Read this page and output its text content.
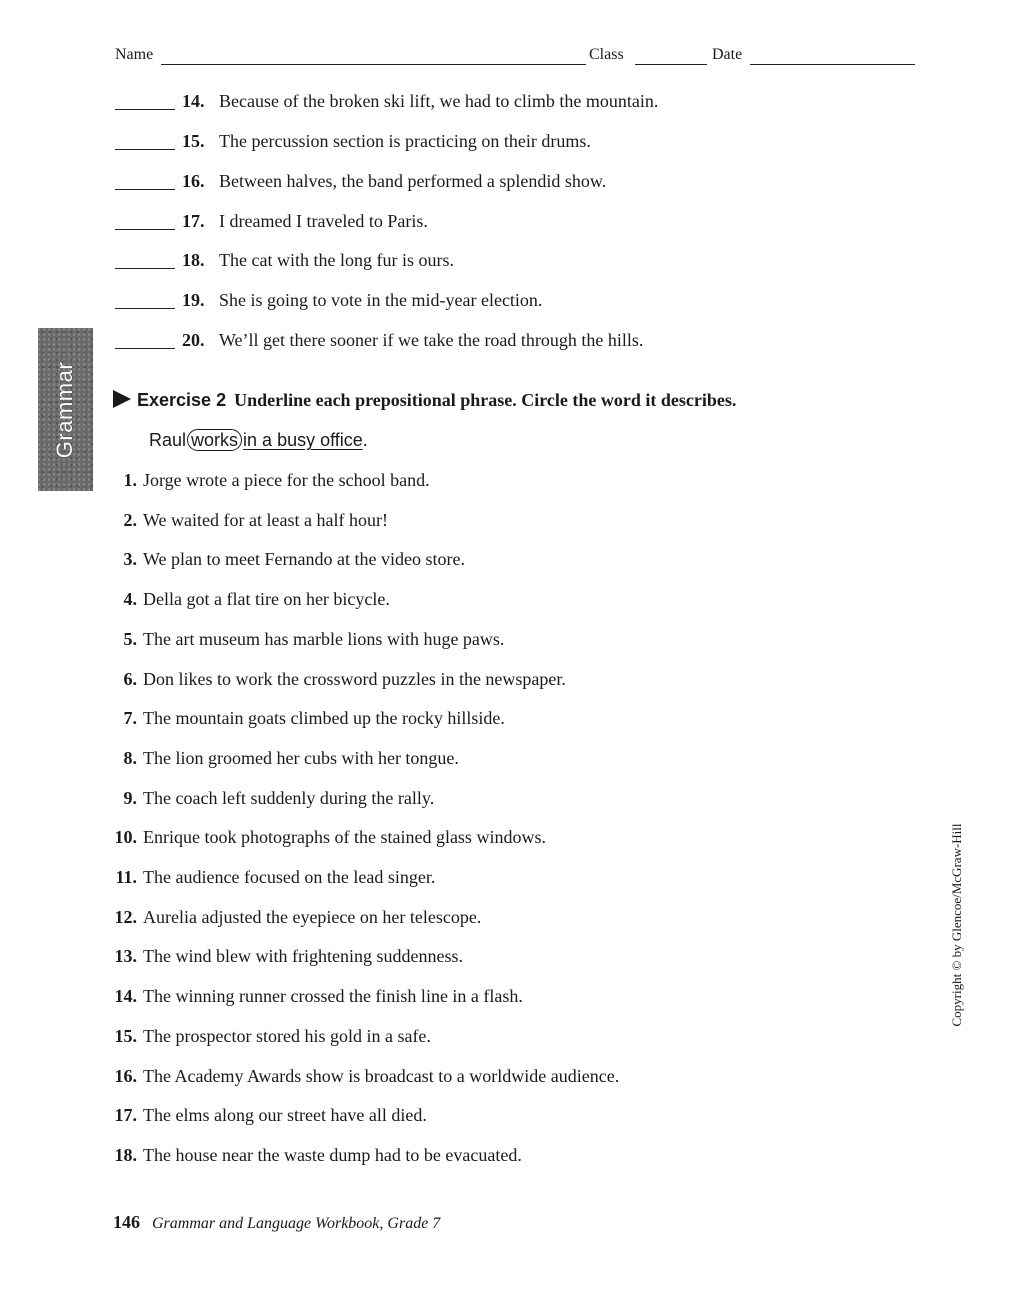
Name	Class	Date
14. Because of the broken ski lift, we had to climb the mountain.
15. The percussion section is practicing on their drums.
16. Between halves, the band performed a splendid show.
17. I dreamed I traveled to Paris.
18. The cat with the long fur is ours.
19. She is going to vote in the mid-year election.
20. We’ll get there sooner if we take the road through the hills.
Exercise 2 Underline each prepositional phrase. Circle the word it describes.
Raul works in a busy office.
1. Jorge wrote a piece for the school band.
2. We waited for at least a half hour!
3. We plan to meet Fernando at the video store.
4. Della got a flat tire on her bicycle.
5. The art museum has marble lions with huge paws.
6. Don likes to work the crossword puzzles in the newspaper.
7. The mountain goats climbed up the rocky hillside.
8. The lion groomed her cubs with her tongue.
9. The coach left suddenly during the rally.
10. Enrique took photographs of the stained glass windows.
11. The audience focused on the lead singer.
12. Aurelia adjusted the eyepiece on her telescope.
13. The wind blew with frightening suddenness.
14. The winning runner crossed the finish line in a flash.
15. The prospector stored his gold in a safe.
16. The Academy Awards show is broadcast to a worldwide audience.
17. The elms along our street have all died.
18. The house near the waste dump had to be evacuated.
Grammar
Copyright © by Glencoe/McGraw-Hill
146 Grammar and Language Workbook, Grade 7
